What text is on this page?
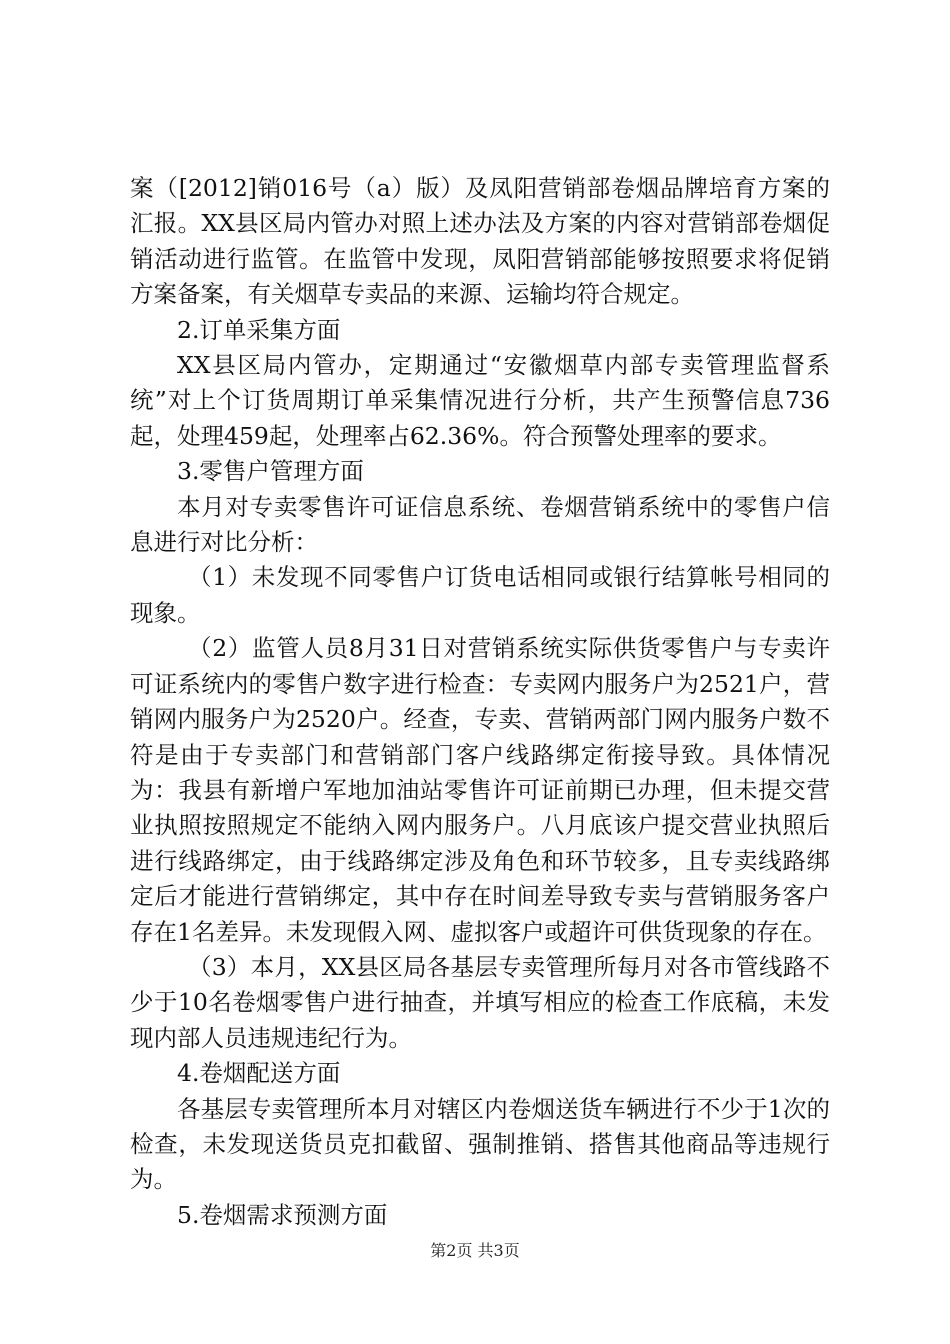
案（[2012]销016号（a）版）及凤阳营销部卷烟品牌培育方案的汇报。XX县区局内管办对照上述办法及方案的内容对营销部卷烟促销活动进行监管。在监管中发现，凤阳营销部能够按照要求将促销方案备案，有关烟草专卖品的来源、运输均符合规定。

2.订单采集方面

XX县区局内管办，定期通过“安徽烟草内部专卖管理监督系统”对上个订货周期订单采集情况进行分析，共产生预警信息736起，处理459起，处理率占62.36%。符合预警处理率的要求。

3.零售户管理方面

本月对专卖零售许可证信息系统、卷烟营销系统中的零售户信息进行对比分析：

（1）未发现不同零售户订货电话相同或银行结算帐号相同的现象。

（2）监管人员8月31日对营销系统实际供货零售户与专卖许可证系统内的零售户数字进行检查：专卖网内服务户为2521户，营销网内服务户为2520户。经查，专卖、营销两部门网内服务户数不符是由于专卖部门和营销部门客户线路绑定衔接导致。具体情况为：我县有新增户军地加油站零售许可证前期已办理，但未提交营业执照按照规定不能纳入网内服务户。八月底该户提交营业执照后进行线路绑定，由于线路绑定涉及角色和环节较多，且专卖线路绑定后才能进行营销绑定，其中存在时间差导致专卖与营销服务客户存在1名差异。未发现假入网、虚拟客户或超许可供货现象的存在。

（3）本月，XX县区局各基层专卖管理所每月对各市管线路不少于10名卷烟零售户进行抽查，并填写相应的检查工作底稿，未发现内部人员违规违纪行为。

4.卷烟配送方面

各基层专卖管理所本月对辖区内卷烟送货车辆进行不少于1次的检查，未发现送货员克扣截留、强制推销、搭售其他商品等违规行为。

5.卷烟需求预测方面

第2页 共3页
